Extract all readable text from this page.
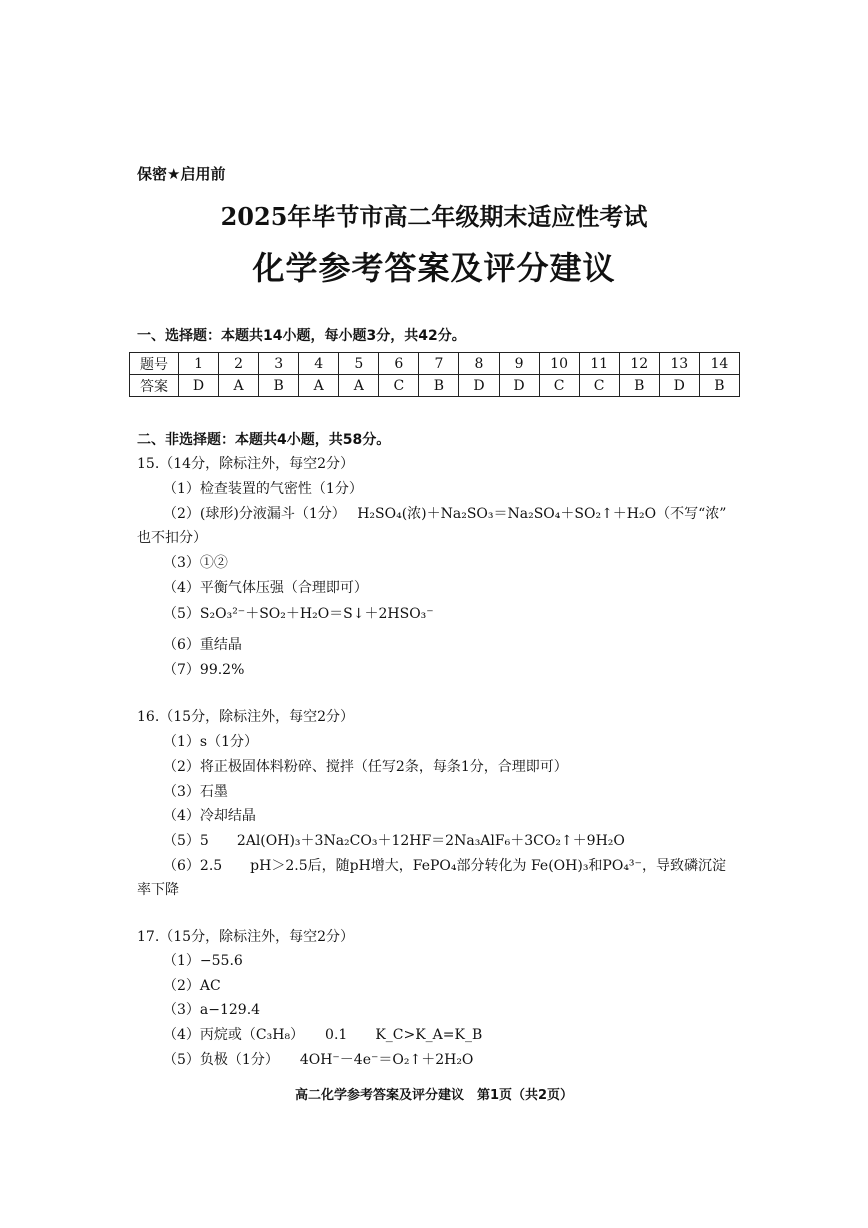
保密★启用前
2025年毕节市高二年级期末适应性考试
化学参考答案及评分建议
一、选择题：本题共14小题，每小题3分，共42分。
题号	1	2	3	4	5	6	7	8	9	10	11	12	13	14
答案	D	A	B	A	A	C	B	D	D	C	C	B	D	B
二、非选择题：本题共4小题，共58分。
15.（14分，除标注外，每空2分）
（1）检查装置的气密性（1分）
（2）(球形)分液漏斗（1分）　 H₂SO₄(浓)＋Na₂SO₃＝Na₂SO₄＋SO₂↑＋H₂O（不写“浓”
也不扣分）
（3）①②
（4）平衡气体压强（合理即可）
（5）S₂O₃²⁻＋SO₂＋H₂O＝S↓＋2HSO₃⁻
（6）重结晶
（7）99.2%
16.（15分，除标注外，每空2分）
（1）s（1分）
（2）将正极固体料粉碎、搅拌（任写2条，每条1分，合理即可）
（3）石墨
（4）冷却结晶
（5）5　　2Al(OH)₃＋3Na₂CO₃＋12HF＝2Na₃AlF₆＋3CO₂↑＋9H₂O
（6）2.5　　pH＞2.5后，随pH增大，FePO₄部分转化为 Fe(OH)₃和PO₄³⁻，导致磷沉淀
率下降
17.（15分，除标注外，每空2分）
（1）−55.6
（2）AC
（3）a−129.4
（4）丙烷或（C₃H₈）　　0.1　　K_C>K_A=K_B
（5）负极（1分）　　4OH⁻－4e⁻＝O₂↑＋2H₂O
高二化学参考答案及评分建议　第1页（共2页）
